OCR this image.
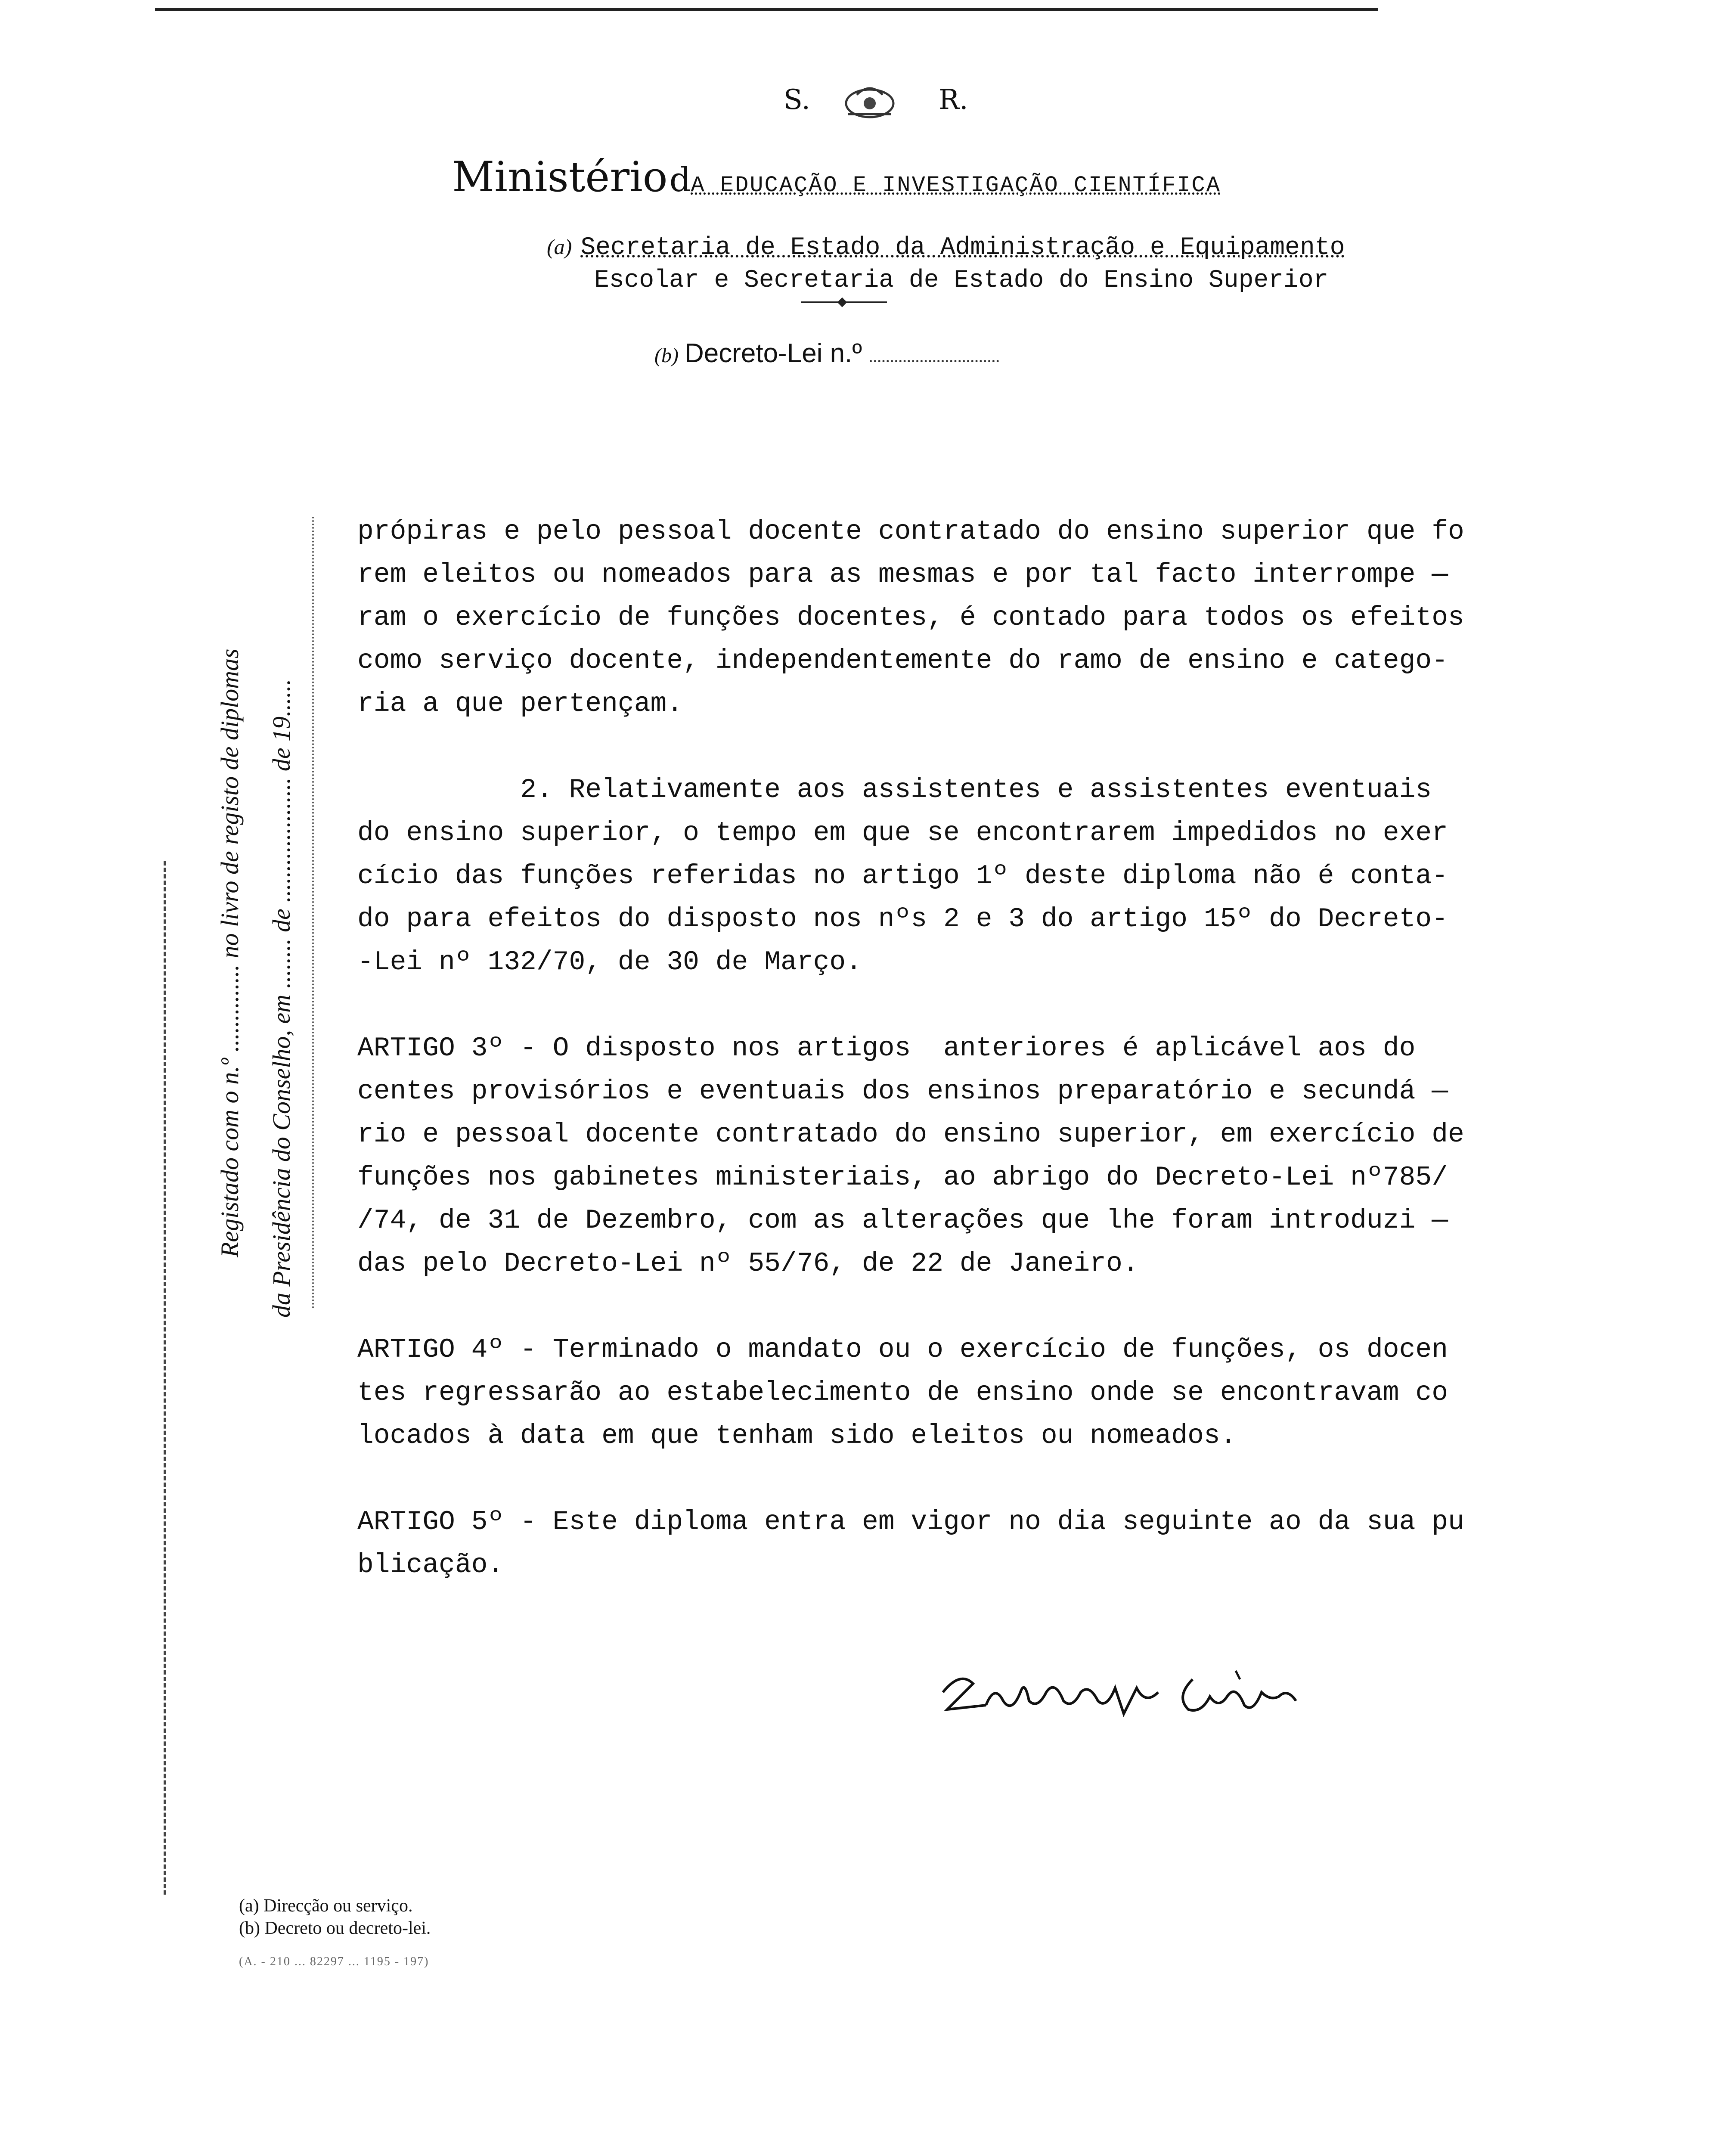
S.	R.
Ministério dA EDUCAÇÃO E INVESTIGAÇÃO CIENTÍFICA
(a) Secretaria de Estado da Administração e Equipamento
Escolar e Secretaria de Estado do Ensino Superior
(b) Decreto-Lei n.º
Registado com o n.º .............. no livro de registo de diplomas da Presidência do Conselho, em ........ de .................... de 19......

própiras e pelo pessoal docente contratado do ensino superior que fo
rem eleitos ou nomeados para as mesmas e por tal facto interrompe —
ram o exercício de funções docentes, é contado para todos os efeitos
como serviço docente, independentemente do ramo de ensino e catego-
ria a que pertençam.

2. Relativamente aos assistentes e assistentes eventuais
do ensino superior, o tempo em que se encontrarem impedidos no exer
cício das funções referidas no artigo 1º deste diploma não é conta-
do para efeitos do disposto nos nºs 2 e 3 do artigo 15º do Decreto-
-Lei nº 132/70, de 30 de Março.

ARTIGO 3º - O disposto nos artigos  anteriores é aplicável aos do
centes provisórios e eventuais dos ensinos preparatório e secundá —
rio e pessoal docente contratado do ensino superior, em exercício de
funções nos gabinetes ministeriais, ao abrigo do Decreto-Lei nº785/
/74, de 31 de Dezembro, com as alterações que lhe foram introduzi —
das pelo Decreto-Lei nº 55/76, de 22 de Janeiro.

ARTIGO 4º - Terminado o mandato ou o exercício de funções, os docen
tes regressarão ao estabelecimento de ensino onde se encontravam co
locados à data em que tenham sido eleitos ou nomeados.

ARTIGO 5º - Este diploma entra em vigor no dia seguinte ao da sua pu
blicação.

(a) Direcção ou serviço.
(b) Decreto ou decreto-lei.
(A. - 210 ... 82297 ... 1195 - 197)
